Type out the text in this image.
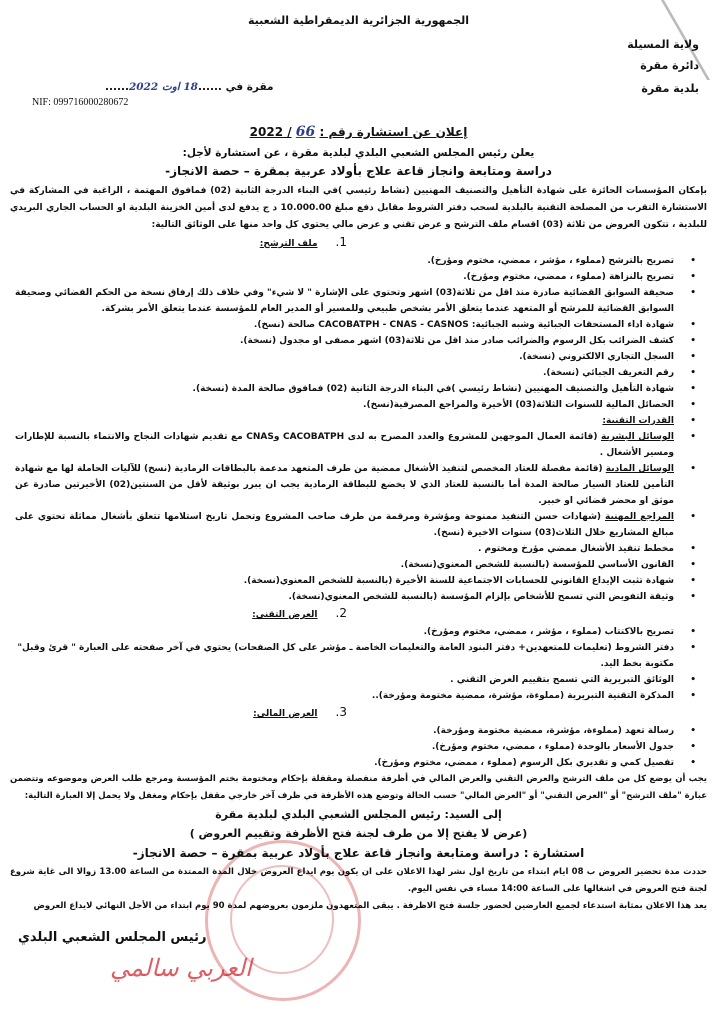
الجمهورية الجزائرية الديمقراطية الشعبية
ولاية المسيلة
دائرة مقرة
بلدية مقرة
مقرة في ......18 اوت 2022......
NIF: 099716000280672
إعلان عن استشارة رقم : 66 / 2022
يعلن رئيس المجلس الشعبي البلدي لبلدية مقرة ، عن استشارة لأجل:
دراسة ومتابعة وانجاز قاعة علاج بأولاد عربية بمقرة – حصة الانجاز-
بإمكان المؤسسات الحائزة على شهادة التأهيل والتصنيف المهنيين (نشاط رئيسي )في البناء الدرجة الثانية (02) فمافوق المهتمة ، الراغبة في المشاركة في الاستشارة التقرب من المصلحة التقنية بالبلدية لسحب دفتر الشروط مقابل دفع مبلغ 10.000.00 د ج يدفع لدى أمين الخزينة البلدية او الحساب الجاري البريدي للبلدية ، تتكون العروض من ثلاثة (03) اقسام ملف الترشح و عرض تقني و عرض مالي يحتوي كل واحد منها على الوثائق التالية:
1.ملف الترشح:
• تصريح بالترشح (مملوء ، مؤشر ، ممضي، مختوم ومؤرخ).
• تصريح بالنزاهة (مملوء ، ممضي، مختوم ومؤرخ).
• صحيفة السوابق القضائية صادرة منذ اقل من ثلاثة(03) اشهر وتحتوي على الإشارة " لا شيء" وفي خلاف ذلك إرفاق نسخة من الحكم القضائي وصحيفة السوابق القضائية للمرشح أو المتعهد عندما يتعلق الأمر بشخص طبيعي وللمسير أو المدير العام للمؤسسة عندما يتعلق الأمر بشركة.
• شهادة اداء المستحقات الجبائية وشبه الجبائية: CACOBATPH - CNAS - CASNOS صالحة (نسخ).
• كشف الضرائب بكل الرسوم والضرائب صادر منذ اقل من ثلاثة(03) اشهر مصفى او مجدول (نسخة).
• السجل التجاري الالكتروني (نسخة).
• رقم التعريف الجبائي (نسخة).
• شهادة التأهيل والتصنيف المهنيين (نشاط رئيسي )في البناء الدرجة الثانية (02) فمافوق صالحة المدة (نسخة).
• الحصائل المالية للسنوات الثلاثة(03) الأخيرة والمراجع المصرفية(نسخ).
• القدرات التقنية:
• الوسائل البشرية (قائمة العمال الموجهين للمشروع والعدد المصرح به لدى CACOBATPH وCNAS مع تقديم شهادات النجاح والانتماء بالنسبة للإطارات ومسير الأشغال .
• الوسائل المادية (قائمة مفصلة للعتاد المخصص لتنفيذ الأشغال ممضية من طرف المتعهد مدعمة بالبطاقات الرمادية (نسخ) للآليات الحاملة لها مع شهادة التأمين للعتاد السيار صالحة المدة أما بالنسبة للعتاد الذي لا يخضع للبطاقة الرمادية يجب ان يبرر بوثيقة لأقل من السنتين(02) الأخيرتين صادرة عن موثق او محضر قضائي او خبير.
• المراجع المهنية (شهادات حسن التنفيذ ممنوحة ومؤشرة ومرقمة من طرف صاحب المشروع وتحمل تاريخ استلامها تتعلق بأشغال مماثلة تحتوي على مبالغ المشاريع خلال الثلاث(03) سنوات الاخيرة (نسخ).
• مخطط تنفيذ الأشغال ممضي مؤرخ ومختوم .
• القانون الأساسي للمؤسسة (بالنسبة للشخص المعنوي(نسخة).
• شهادة تثبت الإيداع القانوني للحسابات الاجتماعية للسنة الأخيرة (بالنسبة للشخص المعنوي(نسخة).
• وثيقة التفويض التي تسمح للأشخاص بإلزام المؤسسة (بالنسبة للشخص المعنوي(نسخة).
2.العرض التقني:
• تصريح بالاكتتاب (مملوء ، مؤشر ، ممضي، مختوم ومؤرخ).
• دفتر الشروط (تعليمات للمتعهدين+ دفتر البنود العامة والتعليمات الخاصة ـ مؤشر على كل الصفحات) يحتوي في آخر صفحته على العبارة " قرئ وقبل" مكتوبة بخط اليد.
• الوثائق التبريرية التي تسمح بتقييم العرض التقني .
• المذكرة التقنية التبريرية (مملوءة، مؤشرة، ممضية مختومة ومؤرخة)..
3.العرض المالي:
• رسالة تعهد (مملوءة، مؤشرة، ممضية مختومة ومؤرخة).
• جدول الأسعار بالوحدة (مملوء ، ممضي، مختوم ومؤرخ).
• تفصيل كمي و تقديري بكل الرسوم (مملوء ، ممضي، مختوم ومؤرخ).
يجب أن يوضع كل من ملف الترشح والعرض التقني والعرض المالي في أظرفة منفصلة ومقفلة بإحكام ومختومة بختم المؤسسة ومرجع طلب العرض وموضوعه وتتضمن عبارة "ملف الترشح" أو "العرض التقني" أو "العرض المالي" حسب الحالة وتوضع هذه الأظرفة في ظرف آخر خارجي مقفل بإحكام ومغفل ولا يحمل إلا العبارة التالية:
إلى السيد: رئيس المجلس الشعبي البلدي لبلدية مقرة
(عرض لا يفتح إلا من طرف لجنة فتح الأظرفة وتقييم العروض )
استشارة : دراسة ومتابعة وانجاز قاعة علاج بأولاد عربية بمقرة – حصة الانجاز-
حددت مدة تحضير العروض ب 08 ايام ابتداء من تاريخ اول نشر لهذا الاعلان على ان يكون يوم ايداع العروض خلال المدة الممتدة من الساعة 13.00 زوالا الى غاية شروع لجنة فتح العروض في اشغالها على الساعة 14:00 مساء في نفس اليوم.
يعد هذا الاعلان بمثابة استدعاء لجميع العارضين لحضور جلسة فتح الاظرفة . يبقى المتعهدون ملزمون بعروضهم لمدة 90 يوم ابتداء من الأجل النهائي لايداع العروض
رئيس المجلس الشعبي البلدي
العربي سالمي
